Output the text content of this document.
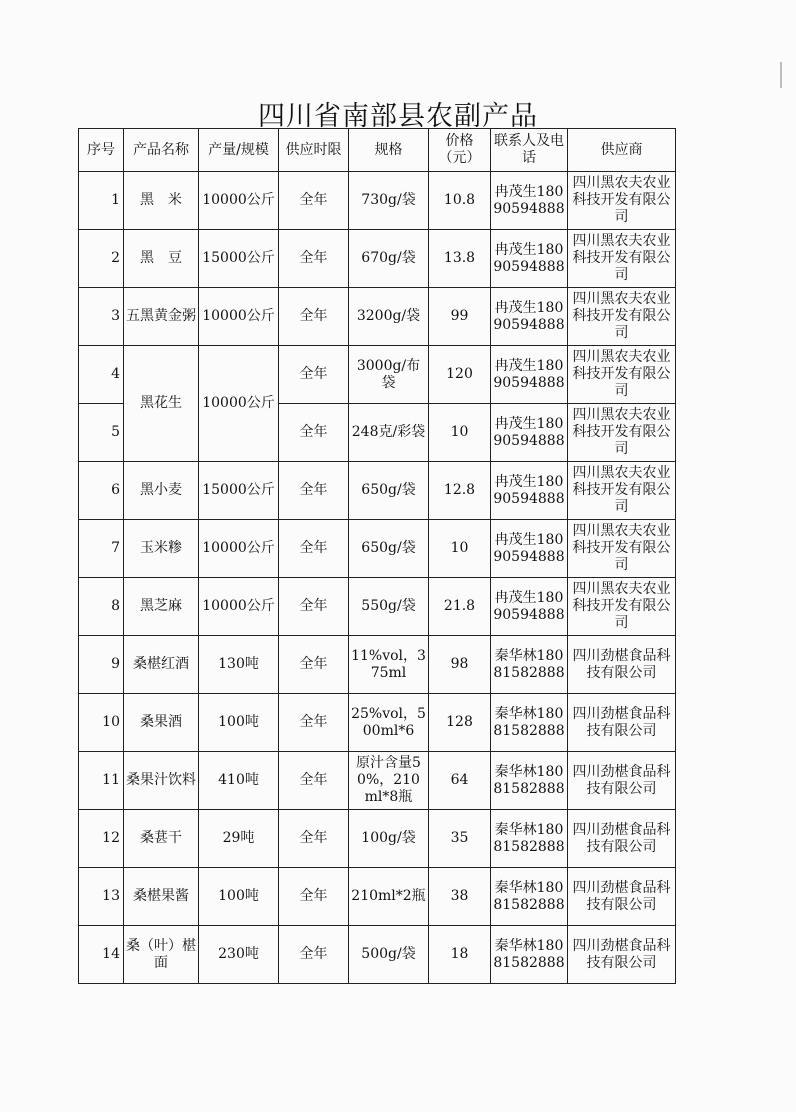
四川省南部县农副产品
序号	产品名称	产量/规模	供应时限	规格	价格（元）	联系人及电话	供应商
1	黑　米	10000公斤	全年	730g/袋	10.8	冉茂生18090594888	四川黑农夫农业科技开发有限公司
2	黑　豆	15000公斤	全年	670g/袋	13.8	冉茂生18090594888	四川黑农夫农业科技开发有限公司
3	五黑黄金粥	10000公斤	全年	3200g/袋	99	冉茂生18090594888	四川黑农夫农业科技开发有限公司
4	黑花生	10000公斤	全年	3000g/布袋	120	冉茂生18090594888	四川黑农夫农业科技开发有限公司
5			全年	248克/彩袋	10	冉茂生18090594888	四川黑农夫农业科技开发有限公司
6	黑小麦	15000公斤	全年	650g/袋	12.8	冉茂生18090594888	四川黑农夫农业科技开发有限公司
7	玉米糁	10000公斤	全年	650g/袋	10	冉茂生18090594888	四川黑农夫农业科技开发有限公司
8	黑芝麻	10000公斤	全年	550g/袋	21.8	冉茂生18090594888	四川黑农夫农业科技开发有限公司
9	桑椹红酒	130吨	全年	11%vol，375ml	98	秦华林18081582888	四川劲椹食品科技有限公司
10	桑果酒	100吨	全年	25%vol，500ml*6	128	秦华林18081582888	四川劲椹食品科技有限公司
11	桑果汁饮料	410吨	全年	原汁含量50%，210ml*8瓶	64	秦华林18081582888	四川劲椹食品科技有限公司
12	桑葚干	29吨	全年	100g/袋	35	秦华林18081582888	四川劲椹食品科技有限公司
13	桑椹果酱	100吨	全年	210ml*2瓶	38	秦华林18081582888	四川劲椹食品科技有限公司
14	桑（叶）椹面	230吨	全年	500g/袋	18	秦华林18081582888	四川劲椹食品科技有限公司
